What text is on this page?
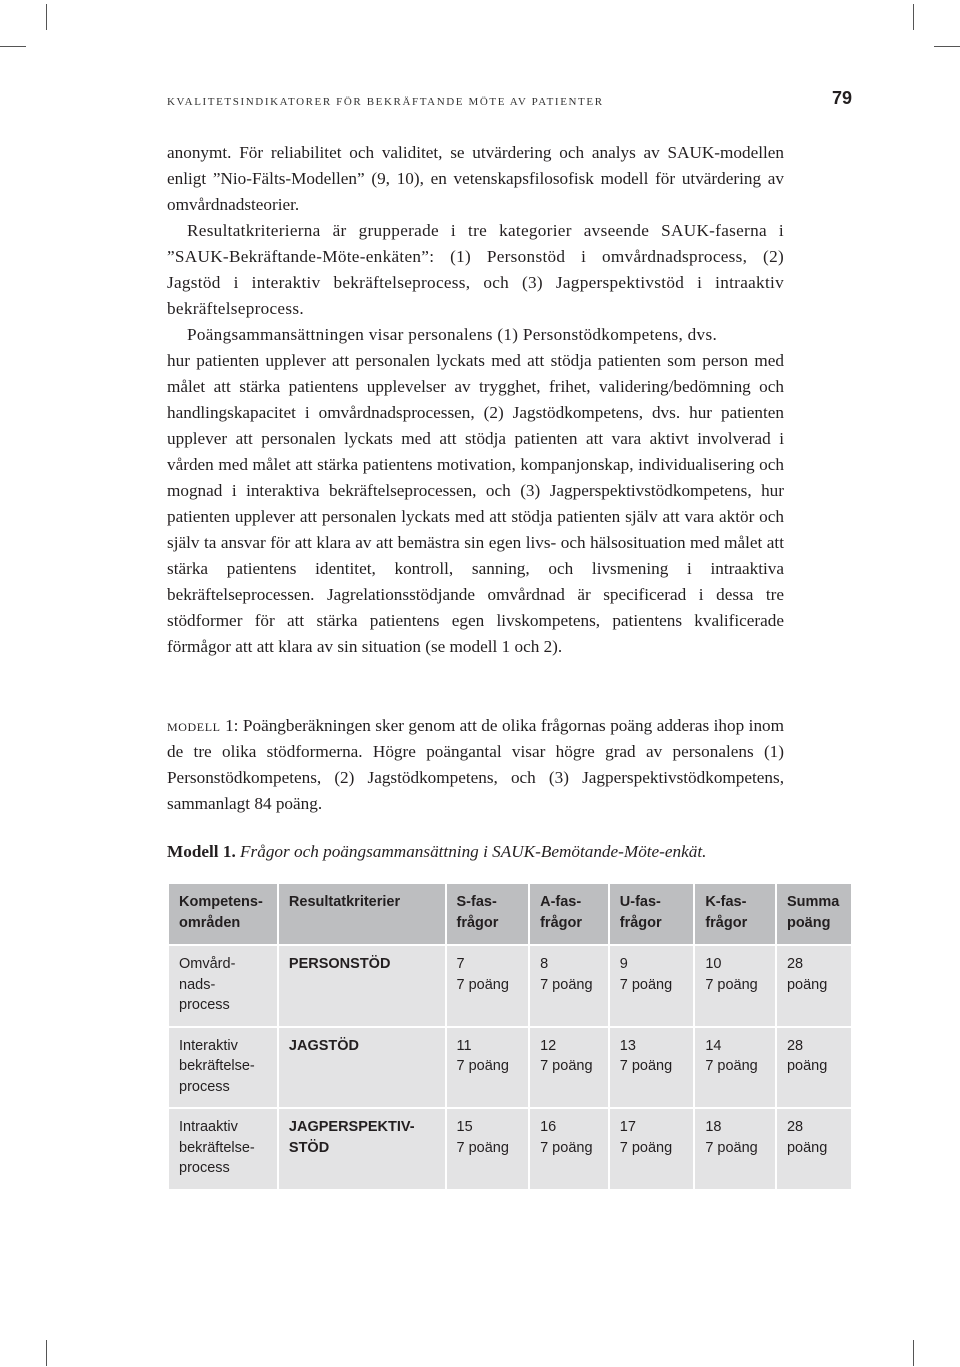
KVALITETSINDIKATORER FÖR BEKRÄFTANDE MÖTE AV PATIENTER	79

anonymt. För reliabilitet och validitet, se utvärdering och analys av SAUK-modellen enligt ”Nio-Fälts-Modellen” (9, 10), en vetenskapsfilosofisk modell för utvärdering av omvårdnadsteorier.

Resultatkriterierna är grupperade i tre kategorier avseende SAUK-faserna i ”SAUK-Bekräftande-Möte-enkäten”: (1) Personstöd i omvårdnadsprocess, (2) Jagstöd i interaktiv bekräftelseprocess, och (3) Jagperspektivstöd i intraaktiv bekräftelseprocess.

Poängsammansättningen visar personalens (1) Personstödkompetens, dvs.

hur patienten upplever att personalen lyckats med att stödja patienten som person med målet att stärka patientens upplevelser av trygghet, frihet, validering/bedömning och handlingskapacitet i omvårdnadsprocessen, (2) Jagstödkompetens, dvs. hur patienten upplever att personalen lyckats med att stödja patienten att vara aktivt involverad i vården med målet att stärka patientens motivation, kompanjonskap, individualisering och mognad i interaktiva bekräftelseprocessen, och (3) Jagperspektivstödkompetens, hur patienten upplever att personalen lyckats med att stödja patienten själv att vara aktör och själv ta ansvar för att klara av att bemästra sin egen livs- och hälsosituation med målet att stärka patientens identitet, kontroll, sanning, och livsmening i intraaktiva bekräftelseprocessen. Jagrelationsstödjande omvårdnad är specificerad i dessa tre stödformer för att stärka patientens egen livskompetens, patientens kvalificerade förmågor att att klara av sin situation (se modell 1 och 2).

modell 1: Poängberäkningen sker genom att de olika frågornas poäng adderas ihop inom de tre olika stödformerna. Högre poängantal visar högre grad av personalens (1) Personstödkompetens, (2) Jagstödkompetens, och (3) Jagperspektivstödkompetens, sammanlagt 84 poäng.

Modell 1. Frågor och poängsammansättning i SAUK-Bemötande-Möte-enkät.
Kompetens-
områden	Resultatkriterier	S-fas-
frågor	A-fas-
frågor	U-fas-
frågor	K-fas-
frågor	Summa
poäng

Omvård-
nads-
process	PERSONSTÖD	7
7 poäng	8
7 poäng	9
7 poäng	10
7 poäng	28
poäng

Interaktiv
bekräftelse-
process	JAGSTÖD	11
7 poäng	12
7 poäng	13
7 poäng	14
7 poäng	28
poäng

Intraaktiv
bekräftelse-
process	JAGPERSPEKTIV-
STÖD	15
7 poäng	16
7 poäng	17
7 poäng	18
7 poäng	28
poäng
